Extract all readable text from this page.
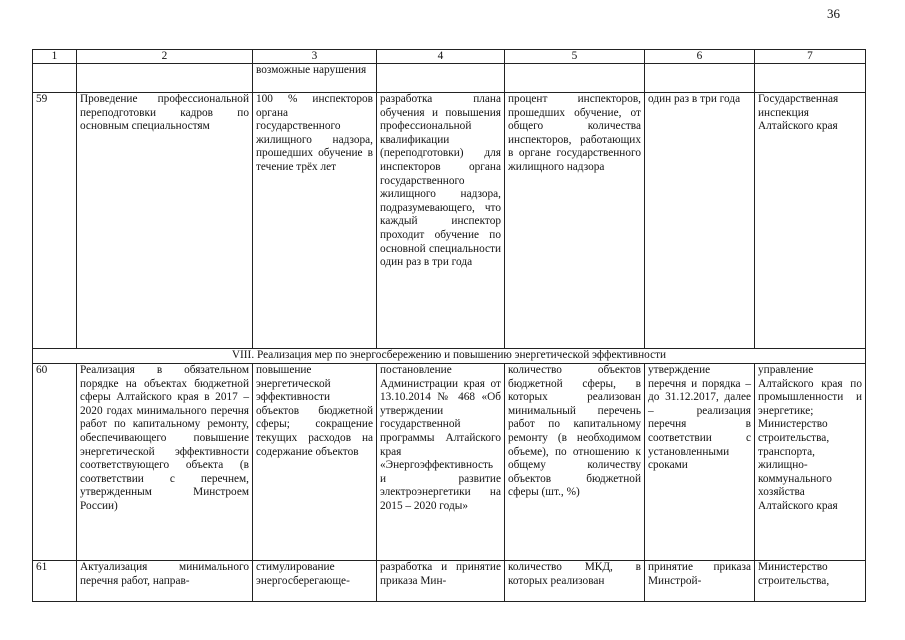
36
1	2	3	4	5	6	7
		возможные нарушения				
59	Проведение профессиональной переподготовки кадров по основным специальностям	100 % инспекторов органа государственного жилищного надзора, прошедших обучение в течение трёх лет	разработка плана обучения и повышения профессиональной квалификации (переподготовки) для инспекторов органа государственного жилищного надзора, подразумевающего, что каждый инспектор проходит обучение по основной специальности один раз в три года	процент инспекторов, прошедших обучение, от общего количества инспекторов, работающих в органе государственного жилищного надзора	один раз в три года	Государственная инспекция Алтайского края
VIII. Реализация мер по энергосбережению и повышению энергетической эффективности						
60	Реализация в обязательном порядке на объектах бюджетной сферы Алтайского края в 2017 – 2020 годах минимального перечня работ по капитальному ремонту, обеспечивающего повышение энергетической эффективности соответствующего объекта (в соответствии с перечнем, утвержденным Минстроем России)	повышение энергетической эффективности объектов бюджетной сферы; сокращение текущих расходов на содержание объектов	постановление Администрации края от 13.10.2014 № 468 «Об утверждении государственной программы Алтайского края «Энергоэффективность и развитие электроэнергетики на 2015 – 2020 годы»	количество объектов бюджетной сферы, в которых реализован минимальный перечень работ по капитальному ремонту (в необходимом объеме), по отношению к общему количеству объектов бюджетной сферы (шт., %)	утверждение перечня и порядка – до 31.12.2017, далее – реализация перечня в соответствии с установленными сроками	управление Алтайского края по промышленности и энергетике; Министерство строительства, транспорта, жилищно-коммунального хозяйства Алтайского края
61	Актуализация минимального перечня работ, направ-	стимулирование энергосберегающе-	разработка и принятие приказа Мин-	количество МКД, в которых реализован	принятие приказа Минстрой-	Министерство строительства,
